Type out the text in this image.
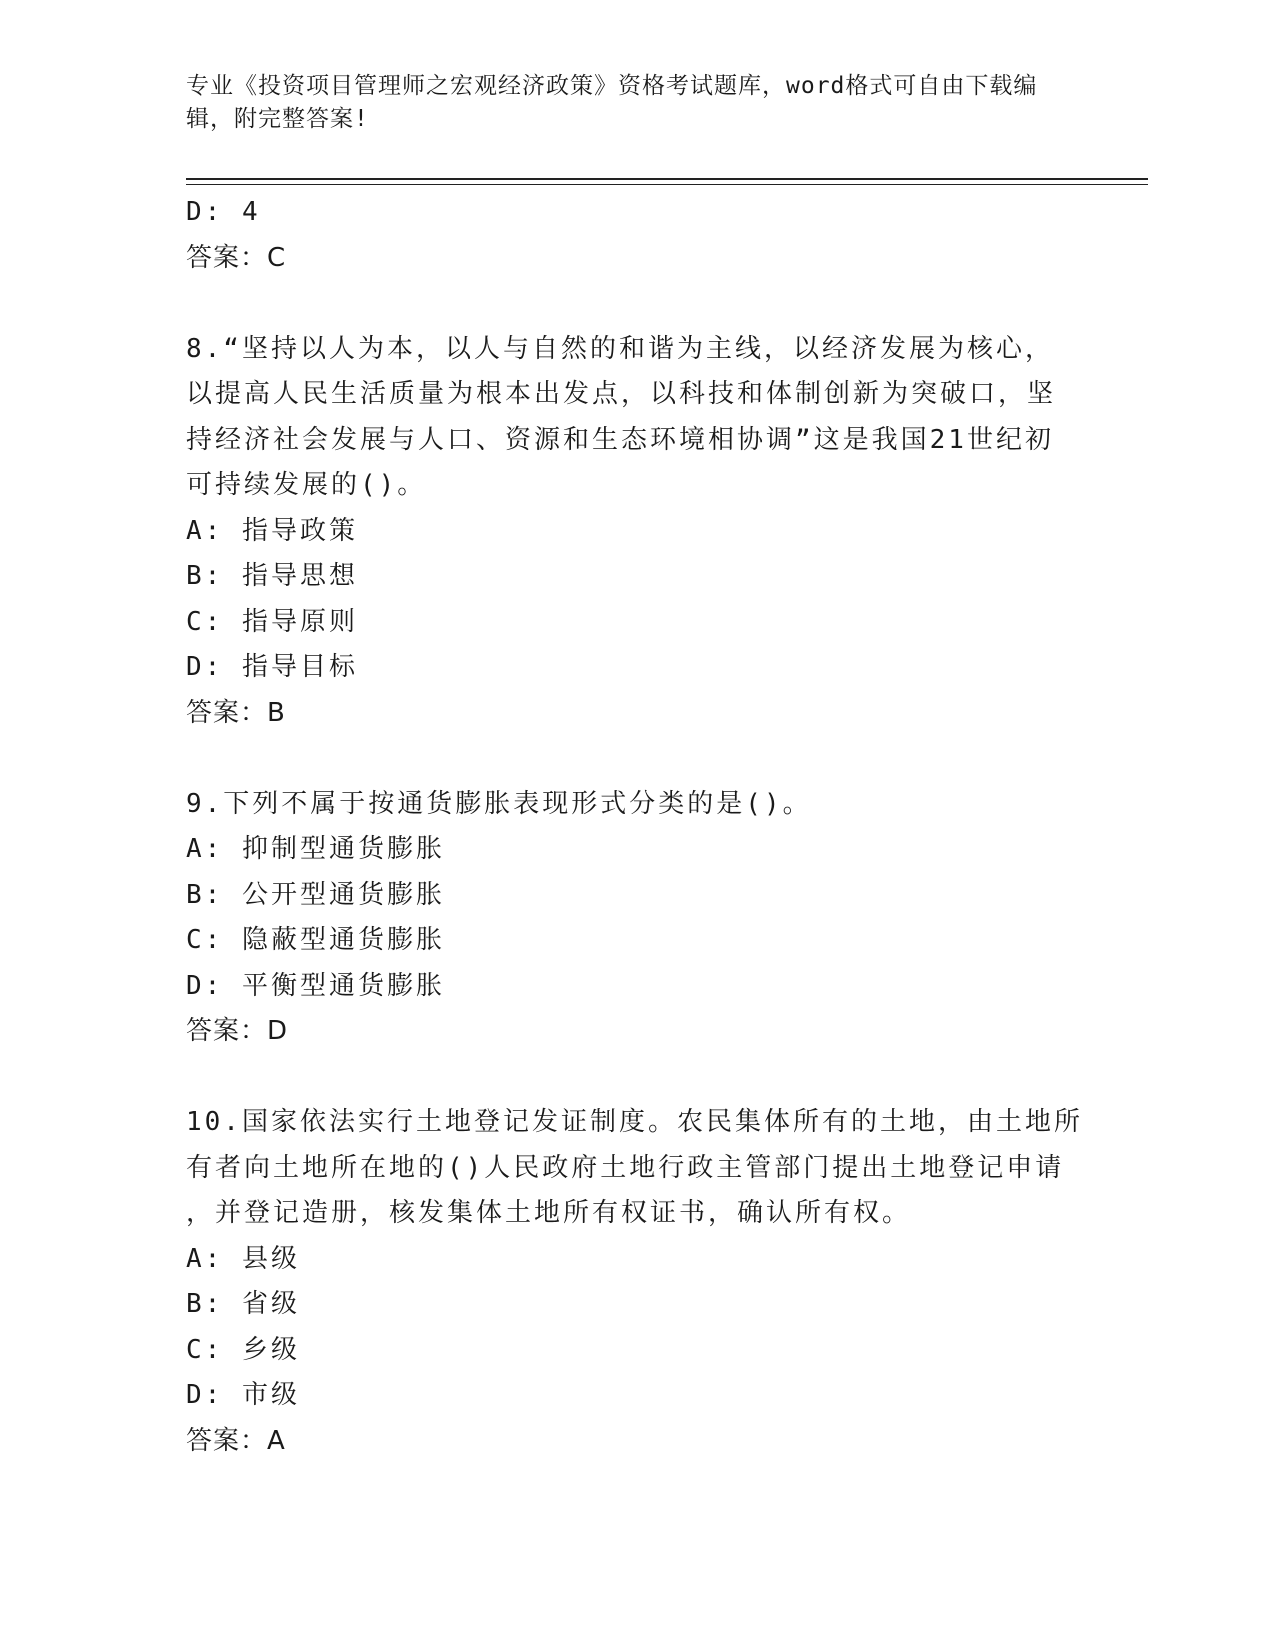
专业《投资项目管理师之宏观经济政策》资格考试题库，word格式可自由下载编
辑，附完整答案!
D: 4
答案：C
8.“坚持以人为本，以人与自然的和谐为主线，以经济发展为核心，
以提高人民生活质量为根本出发点，以科技和体制创新为突破口，坚
持经济社会发展与人口、资源和生态环境相协调”这是我国21世纪初
可持续发展的()。
A: 指导政策
B: 指导思想
C: 指导原则
D: 指导目标
答案：B
9.下列不属于按通货膨胀表现形式分类的是()。
A: 抑制型通货膨胀
B: 公开型通货膨胀
C: 隐蔽型通货膨胀
D: 平衡型通货膨胀
答案：D
10.国家依法实行土地登记发证制度。农民集体所有的土地，由土地所
有者向土地所在地的()人民政府土地行政主管部门提出土地登记申请
，并登记造册，核发集体土地所有权证书，确认所有权。
A: 县级
B: 省级
C: 乡级
D: 市级
答案：A
